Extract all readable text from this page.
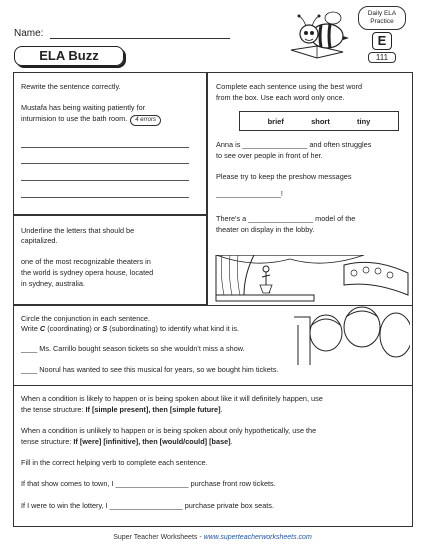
Name:
ELA Buzz
Daily ELA
Practice
E
111
Rewrite the sentence correctly.
Mustafa has being waiting patiently for
inturmision to use the bath room. 4 errors
Underline the letters that should be
capitalized.
one of the most recognizable theaters in
the world is sydney opera house, located
in sydney, australia.
Complete each sentence using the best word
from the box. Use each word only once.
brief	short	tiny
Anna is ________________ and often struggles
to see over people in front of her.
Please try to keep the preshow messages
________________!
There's a ________________ model of the
theater on display in the lobby.
Circle the conjunction in each sentence.
Write C (coordinating) or S (subordinating) to identify what kind it is.
____ Ms. Carrillo bought season tickets so she wouldn't miss a show.
____ Noorul has wanted to see this musical for years, so we bought him tickets.
When a condition is likely to happen or is being spoken about like it will definitely happen, use
the tense structure: If [simple present], then [simple future].
When a condition is unlikely to happen or is being spoken about only hypothetically, use the
tense structure: If [were] [infinitive], then [would/could] [base].
Fill in the correct helping verb to complete each sentence.
If that show comes to town, I __________________ purchase front row tickets.
If I were to win the lottery, I __________________ purchase private box seats.
Super Teacher Worksheets - www.superteacherworksheets.com
